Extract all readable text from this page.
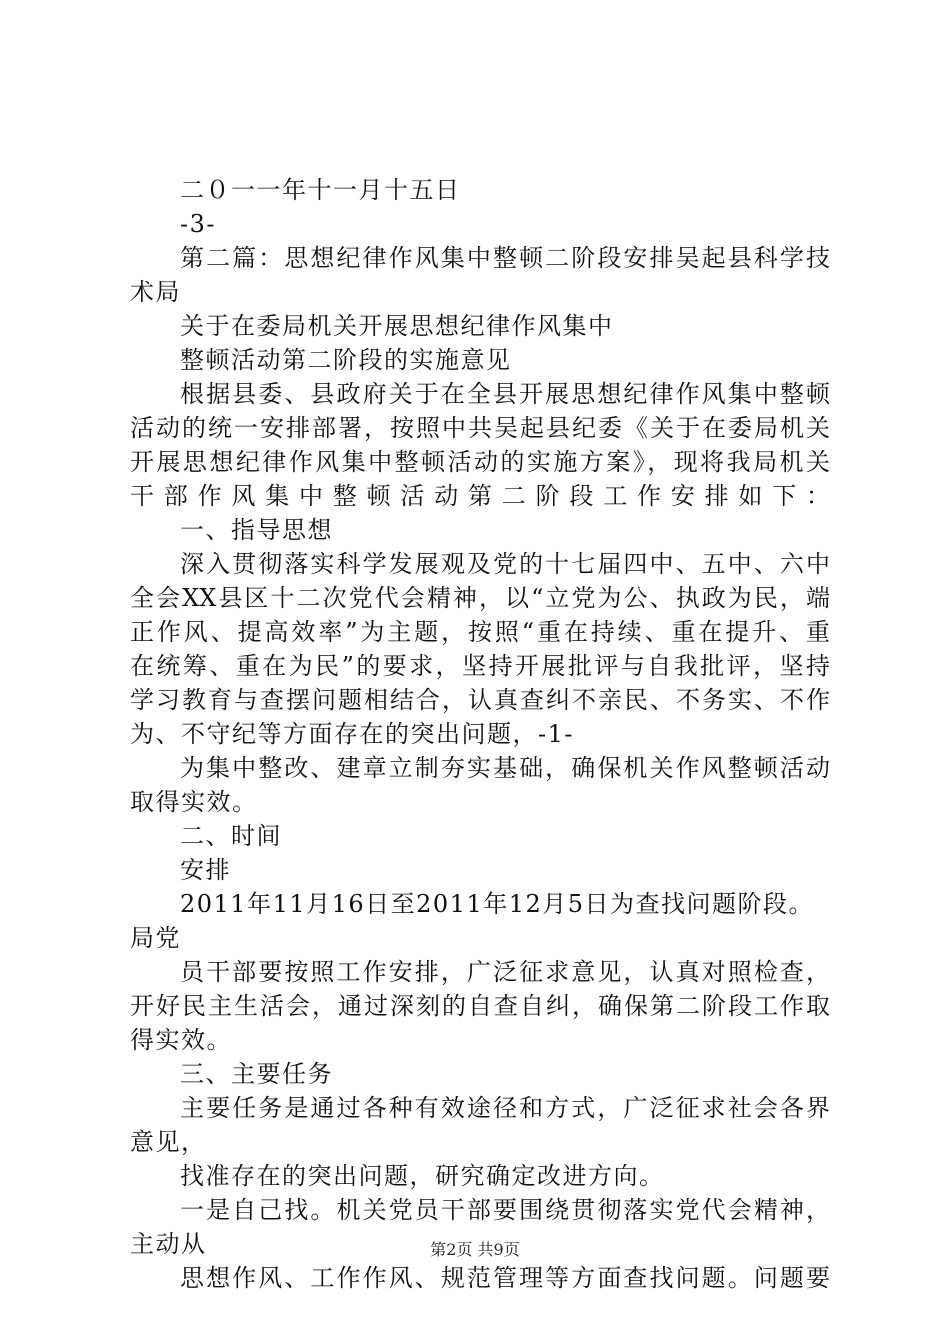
二０一一年十一月十五日
-3-
第二篇：思想纪律作风集中整顿二阶段安排吴起县科学技
术局
关于在委局机关开展思想纪律作风集中
整顿活动第二阶段的实施意见
根据县委、县政府关于在全县开展思想纪律作风集中整顿
活动的统一安排部署，按照中共吴起县纪委《关于在委局机关
开展思想纪律作风集中整顿活动的实施方案》，现将我局机关
干部作风集中整顿活动第二阶段工作安排如下：
一、指导思想
深入贯彻落实科学发展观及党的十七届四中、五中、六中
全会XX县区十二次党代会精神，以“立党为公、执政为民，端
正作风、提高效率”为主题，按照“重在持续、重在提升、重
在统筹、重在为民”的要求，坚持开展批评与自我批评，坚持
学习教育与查摆问题相结合，认真查纠不亲民、不务实、不作
为、不守纪等方面存在的突出问题，-1-
为集中整改、建章立制夯实基础，确保机关作风整顿活动
取得实效。
二、时间
安排
2011年11月16日至2011年12月5日为查找问题阶段。
局党
员干部要按照工作安排，广泛征求意见，认真对照检查，
开好民主生活会，通过深刻的自查自纠，确保第二阶段工作取
得实效。
三、主要任务
主要任务是通过各种有效途径和方式，广泛征求社会各界
意见，
找准存在的突出问题，研究确定改进方向。
一是自己找。机关党员干部要围绕贯彻落实党代会精神，
主动从
思想作风、工作作风、规范管理等方面查找问题。问题要
第2页 共9页
